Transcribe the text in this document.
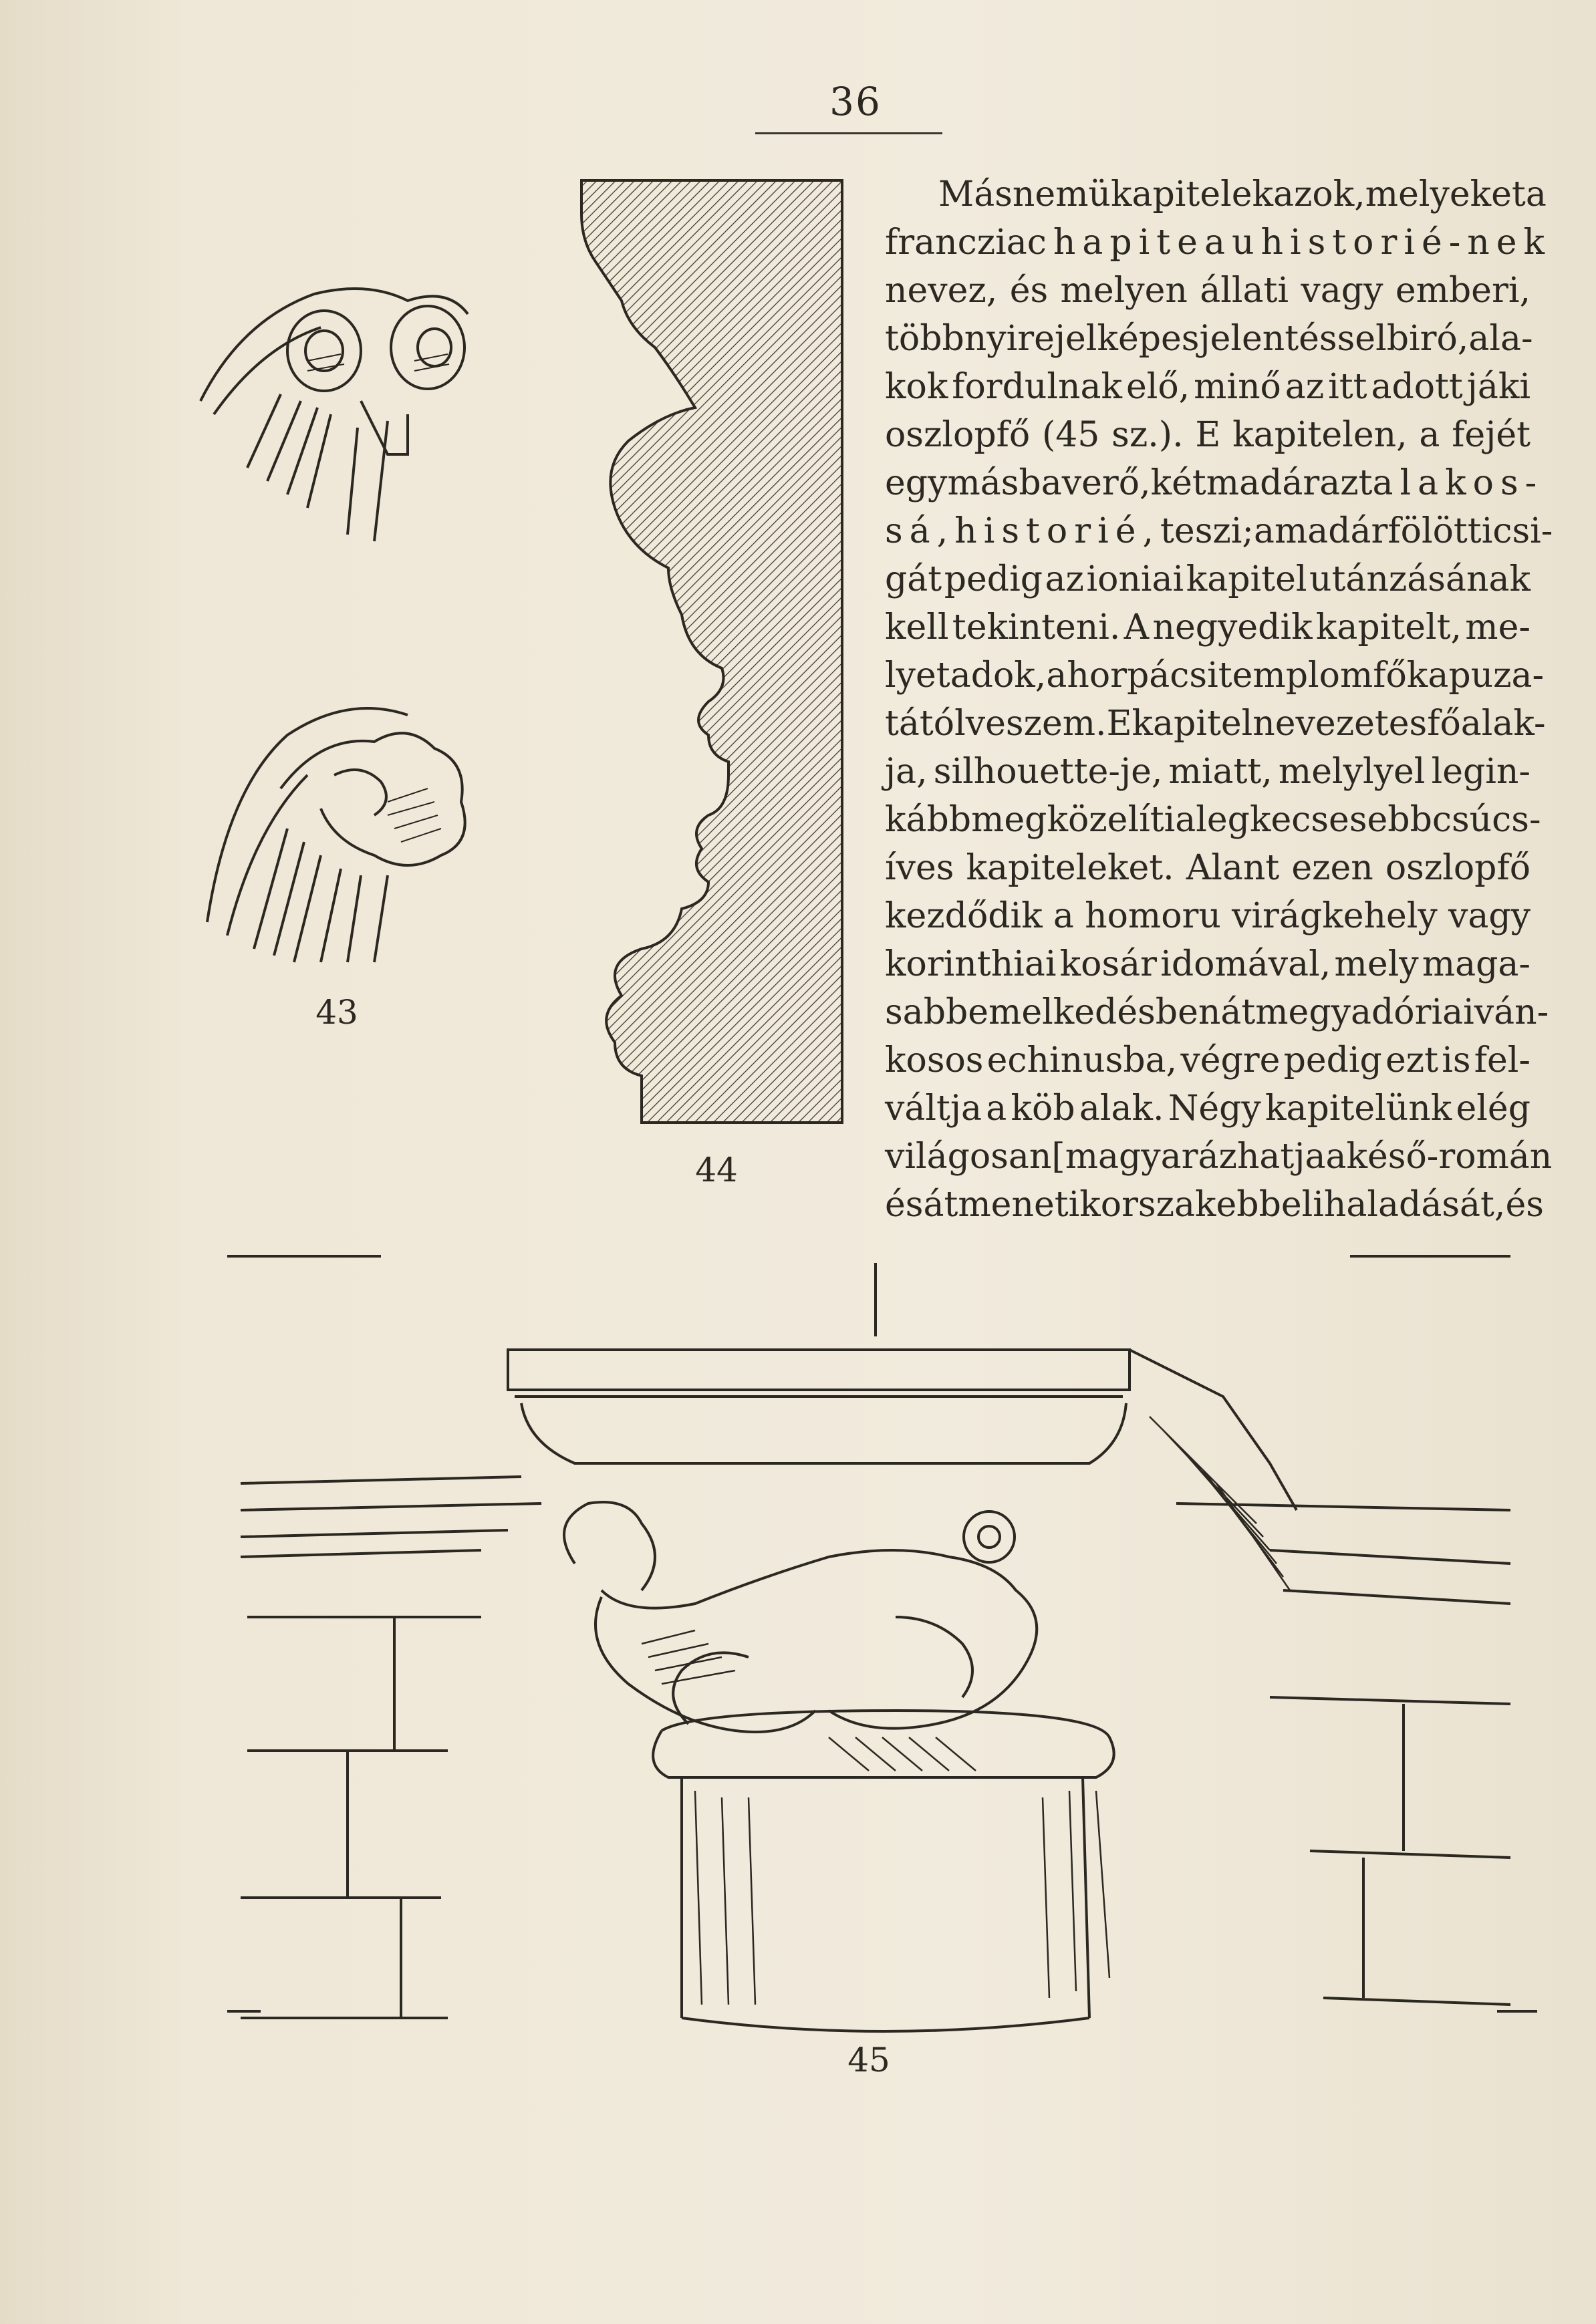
36
43
44
Másnemü kapitelek azok, melyeket a
franczia chapiteau historié-nek
nevez, és melyen állati vagy emberi,
többnyire jelképes jelentéssel biró, ala-
kok fordulnak elő, minő az itt adott jáki
oszlopfő (45 sz.). E kapitelen, a fejét
egymásba verő, két madár azt alakos-
sá, historié, teszi; a madár fölötti csi-
gát pedig az ioniai kapitel utánzásának
kell tekinteni. A negyedik kapitelt, me-
lyet adok, a horpácsi templom főkapuza-
tától veszem. E kapitel nevezetes fő alak-
ja, silhouette-je, miatt, melylyel legin-
kább megközelíti a legkecsesebb csúcs-
íves kapiteleket. Alant ezen oszlopfő
kezdődik a homoru virágkehely vagy
korinthiai kosár idomával, mely maga-
sabb emelkedésben átmegy a dóriai ván-
kosos echinusba, végre pedig ezt is fel-
váltja a köb alak. Négy kapitelünk elég
világosan [magyarázhatja a késő-román
és átmeneti korszak ebbeli haladását, és
45
